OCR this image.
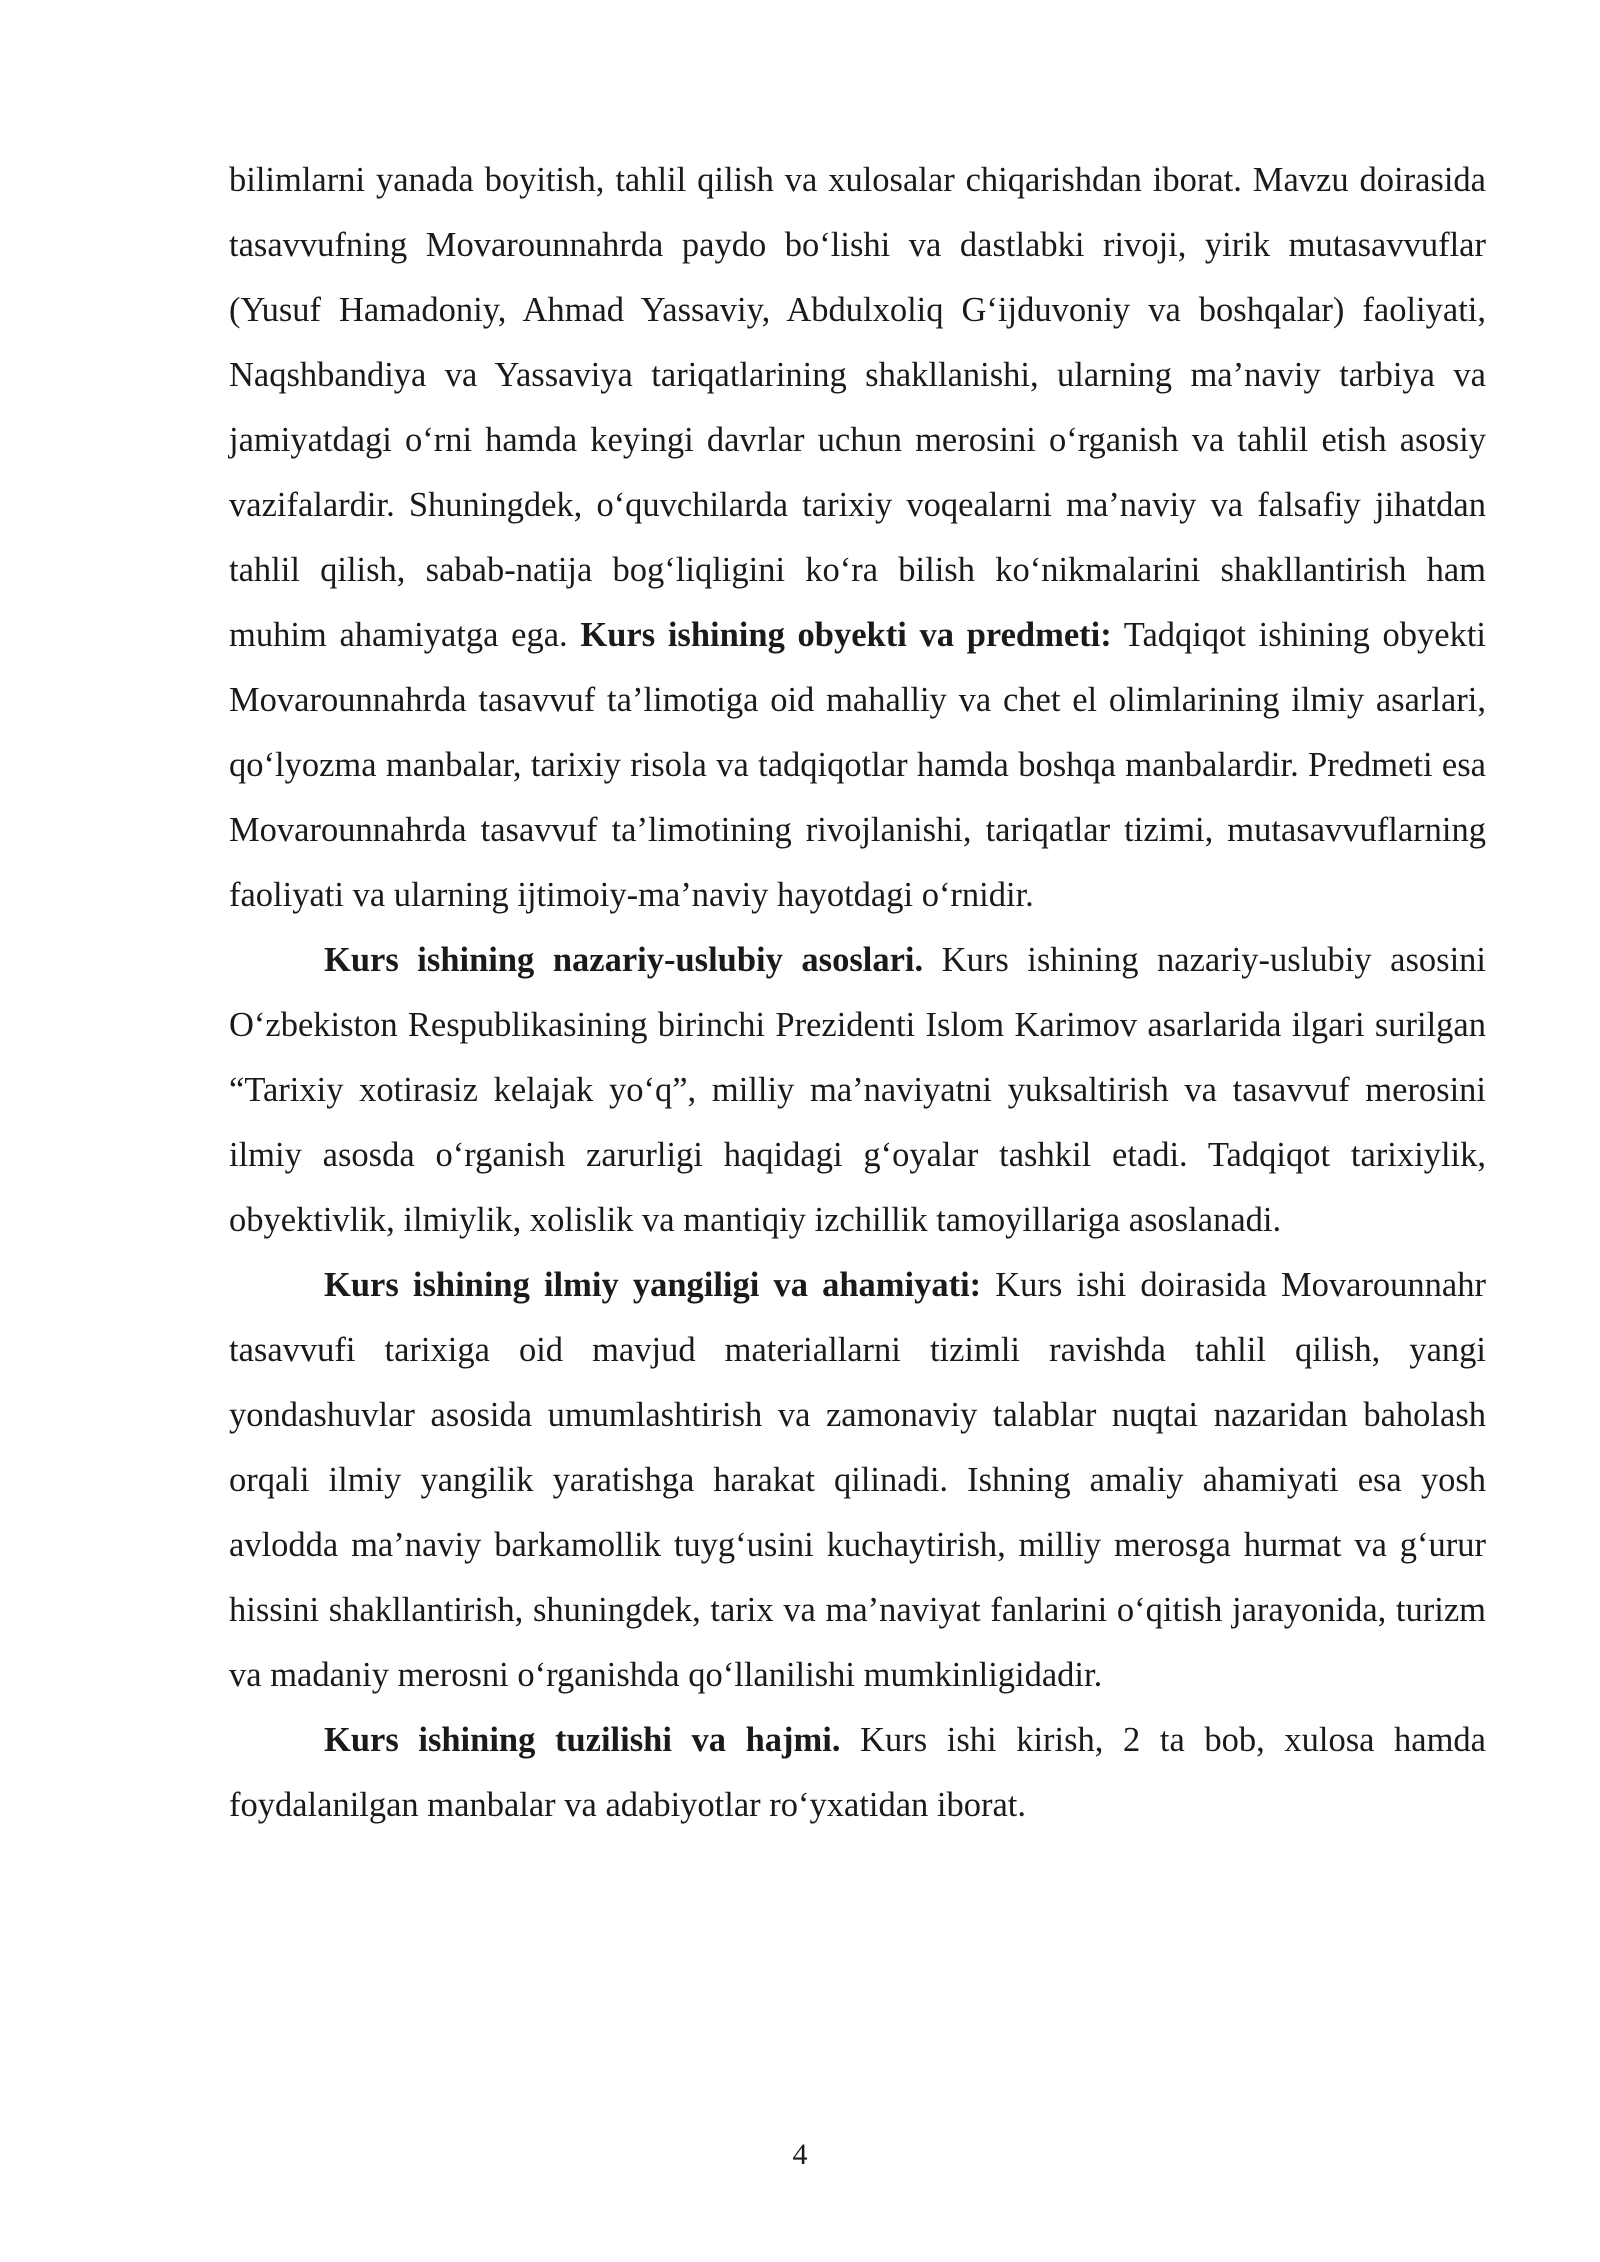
bilimlarni yanada boyitish, tahlil qilish va xulosalar chiqarishdan iborat. Mavzu doirasida tasavvufning Movarounnahrda paydo bo‘lishi va dastlabki rivoji, yirik mutasavvuflar (Yusuf Hamadoniy, Ahmad Yassaviy, Abdulxoliq G‘ijduvoniy va boshqalar) faoliyati, Naqshbandiya va Yassaviya tariqatlarining shakllanishi, ularning ma’naviy tarbiya va jamiyatdagi o‘rni hamda keyingi davrlar uchun merosini o‘rganish va tahlil etish asosiy vazifalardir. Shuningdek, o‘quvchilarda tarixiy voqealarni ma’naviy va falsafiy jihatdan tahlil qilish, sabab-natija bog‘liqligini ko‘ra bilish ko‘nikmalarini shakllantirish ham muhim ahamiyatga ega. Kurs ishining obyekti va predmeti: Tadqiqot ishining obyekti Movarounnahrda tasavvuf ta’limotiga oid mahalliy va chet el olimlarining ilmiy asarlari, qo‘lyozma manbalar, tarixiy risola va tadqiqotlar hamda boshqa manbalardir. Predmeti esa Movarounnahrda tasavvuf ta’limotining rivojlanishi, tariqatlar tizimi, mutasavvuflarning faoliyati va ularning ijtimoiy-ma’naviy hayotdagi o‘rnidir.

Kurs ishining nazariy-uslubiy asoslari. Kurs ishining nazariy-uslubiy asosini O‘zbekiston Respublikasining birinchi Prezidenti Islom Karimov asarlarida ilgari surilgan “Tarixiy xotirasiz kelajak yo‘q”, milliy ma’naviyatni yuksaltirish va tasavvuf merosini ilmiy asosda o‘rganish zarurligi haqidagi g‘oyalar tashkil etadi. Tadqiqot tarixiylik, obyektivlik, ilmiylik, xolislik va mantiqiy izchillik tamoyillariga asoslanadi.

Kurs ishining ilmiy yangiligi va ahamiyati: Kurs ishi doirasida Movarounnahr tasavvufi tarixiga oid mavjud materiallarni tizimli ravishda tahlil qilish, yangi yondashuvlar asosida umumlashtirish va zamonaviy talablar nuqtai nazaridan baholash orqali ilmiy yangilik yaratishga harakat qilinadi. Ishning amaliy ahamiyati esa yosh avlodda ma’naviy barkamollik tuyg‘usini kuchaytirish, milliy merosga hurmat va g‘urur hissini shakllantirish, shuningdek, tarix va ma’naviyat fanlarini o‘qitish jarayonida, turizm va madaniy merosni o‘rganishda qo‘llanilishi mumkinligidadir.

Kurs ishining tuzilishi va hajmi. Kurs ishi kirish, 2 ta bob, xulosa hamda foydalanilgan manbalar va adabiyotlar ro‘yxatidan iborat.

4
